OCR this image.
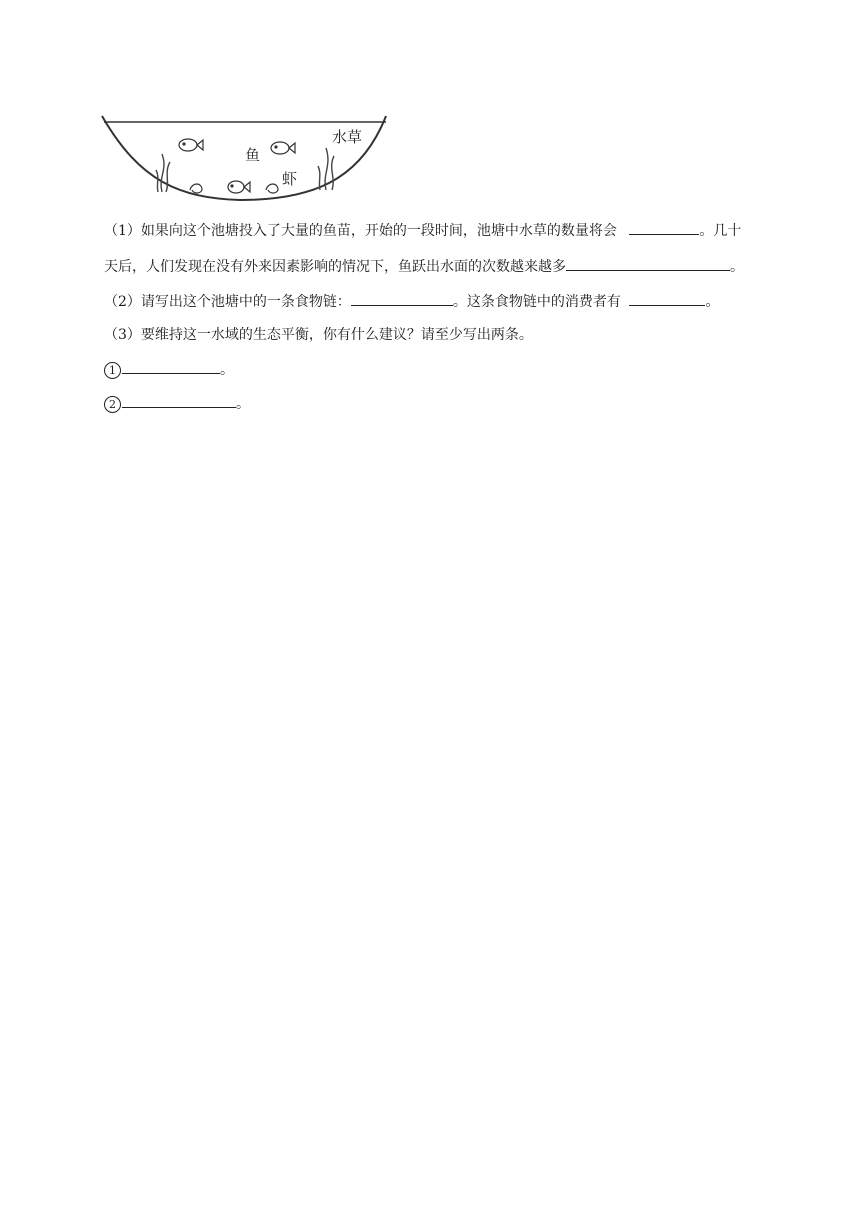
水草
鱼
虾
（1）如果向这个池塘投入了大量的鱼苗，开始的一段时间，池塘中水草的数量将会	。几十
天后，人们发现在没有外来因素影响的情况下，鱼跃出水面的次数越来越多	。
（2）请写出这个池塘中的一条食物链：	。这条食物链中的消费者有	。
（3）要维持这一水域的生态平衡，你有什么建议？请至少写出两条。
1	。
2	。
